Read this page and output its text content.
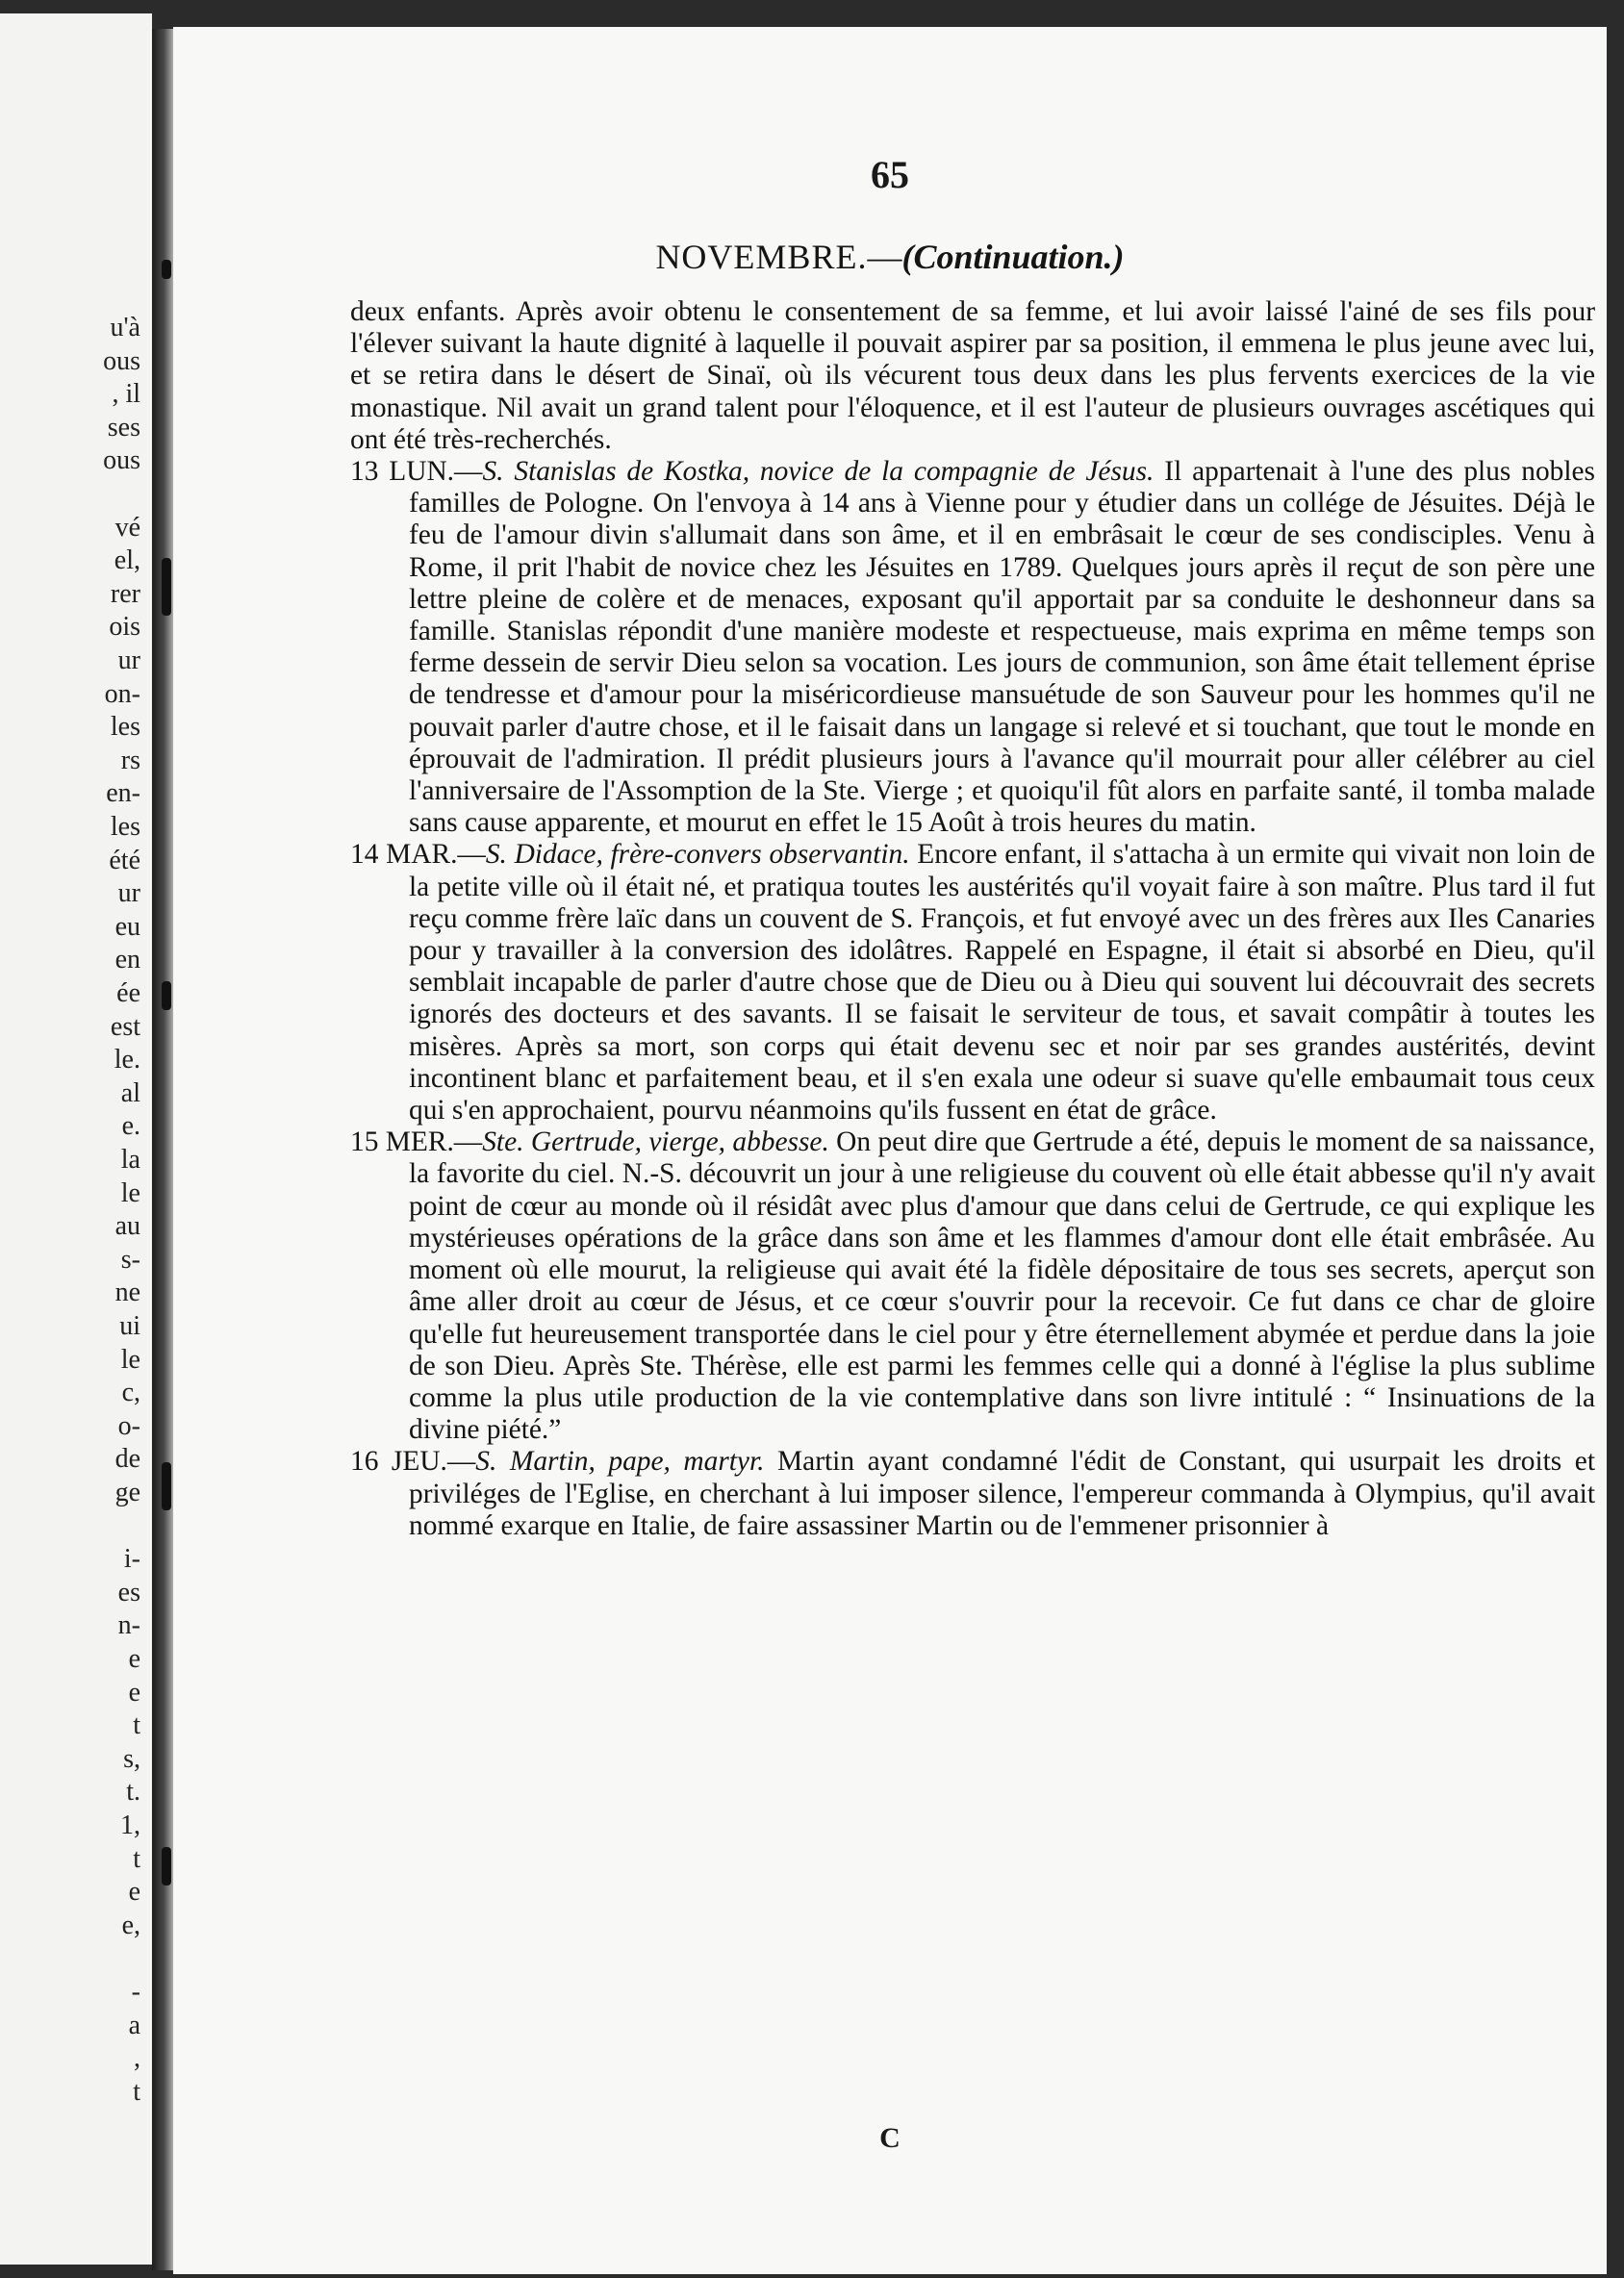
u'à
ous
, il
ses
ous
vé
el,
rer
ois
ur
on-
les
rs
en-
les
été
ur
eu
en
ée
est
le.
al
e.
la
le
au
s-
ne
ui
le
c,
o-
de
ge
i-
es
n-
e
e
t
s,
t.
1,
t
e
e,
-
a
,
t
65
NOVEMBRE.—(Continuation.)

deux enfants. Après avoir obtenu le consentement de sa femme, et lui avoir laissé l'ainé de ses fils pour l'élever suivant la haute dignité à laquelle il pouvait aspirer par sa position, il emmena le plus jeune avec lui, et se retira dans le désert de Sinaï, où ils vécurent tous deux dans les plus fervents exercices de la vie monastique. Nil avait un grand talent pour l'éloquence, et il est l'auteur de plusieurs ouvrages ascétiques qui ont été très-recherchés.

13 LUN.—S. Stanislas de Kostka, novice de la compagnie de Jésus. Il appartenait à l'une des plus nobles familles de Pologne. On l'envoya à 14 ans à Vienne pour y étudier dans un collége de Jésuites. Déjà le feu de l'amour divin s'allumait dans son âme, et il en embrâsait le cœur de ses condisciples. Venu à Rome, il prit l'habit de novice chez les Jésuites en 1789. Quelques jours après il reçut de son père une lettre pleine de colère et de menaces, exposant qu'il apportait par sa conduite le deshonneur dans sa famille. Stanislas répondit d'une manière modeste et respectueuse, mais exprima en même temps son ferme dessein de servir Dieu selon sa vocation. Les jours de communion, son âme était tellement éprise de tendresse et d'amour pour la miséricordieuse mansuétude de son Sauveur pour les hommes qu'il ne pouvait parler d'autre chose, et il le faisait dans un langage si relevé et si touchant, que tout le monde en éprouvait de l'admiration. Il prédit plusieurs jours à l'avance qu'il mourrait pour aller célébrer au ciel l'anniversaire de l'Assomption de la Ste. Vierge ; et quoiqu'il fût alors en parfaite santé, il tomba malade sans cause apparente, et mourut en effet le 15 Août à trois heures du matin.

14 MAR.—S. Didace, frère-convers observantin. Encore enfant, il s'attacha à un ermite qui vivait non loin de la petite ville où il était né, et pratiqua toutes les austérités qu'il voyait faire à son maître. Plus tard il fut reçu comme frère laïc dans un couvent de S. François, et fut envoyé avec un des frères aux Iles Canaries pour y travailler à la conversion des idolâtres. Rappelé en Espagne, il était si absorbé en Dieu, qu'il semblait incapable de parler d'autre chose que de Dieu ou à Dieu qui souvent lui découvrait des secrets ignorés des docteurs et des savants. Il se faisait le serviteur de tous, et savait compâtir à toutes les misères. Après sa mort, son corps qui était devenu sec et noir par ses grandes austérités, devint incontinent blanc et parfaitement beau, et il s'en exala une odeur si suave qu'elle embaumait tous ceux qui s'en approchaient, pourvu néanmoins qu'ils fussent en état de grâce.

15 MER.—Ste. Gertrude, vierge, abbesse. On peut dire que Gertrude a été, depuis le moment de sa naissance, la favorite du ciel. N.-S. découvrit un jour à une religieuse du couvent où elle était abbesse qu'il n'y avait point de cœur au monde où il résidât avec plus d'amour que dans celui de Gertrude, ce qui explique les mystérieuses opérations de la grâce dans son âme et les flammes d'amour dont elle était embrâsée. Au moment où elle mourut, la religieuse qui avait été la fidèle dépositaire de tous ses secrets, aperçut son âme aller droit au cœur de Jésus, et ce cœur s'ouvrir pour la recevoir. Ce fut dans ce char de gloire qu'elle fut heureusement transportée dans le ciel pour y être éternellement abymée et perdue dans la joie de son Dieu. Après Ste. Thérèse, elle est parmi les femmes celle qui a donné à l'église la plus sublime comme la plus utile production de la vie contemplative dans son livre intitulé : “ Insinuations de la divine piété.”

16 JEU.—S. Martin, pape, martyr. Martin ayant condamné l'édit de Constant, qui usurpait les droits et priviléges de l'Eglise, en cherchant à lui imposer silence, l'empereur commanda à Olympius, qu'il avait nommé exarque en Italie, de faire assassiner Martin ou de l'emmener prisonnier à

C
